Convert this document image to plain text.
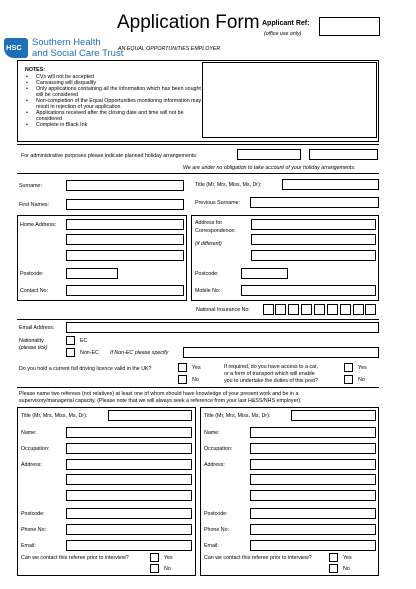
HSC Southern Health
and Social Care Trust
Application Form
AN EQUAL OPPORTUNITIES EMPLOYER
Applicant Ref:
(office use only)
NOTES:
• CVs will not be accepted
• Canvassing will disqualify
• Only applications containing all the information which has been sought will be considered
• Non-completion of the Equal Opportunities monitoring information may result in rejection of your application
• Applications received after the closing date and time will not be considered
• Complete in Black Ink
For administrative purposes please indicate planned holiday arrangements:
We are under no obligation to take account of your holiday arrangements.
Surname:	Title (Mr, Mrs, Miss, Ms, Dr):
First Names:	Previous Surname:
Home Address:
Postcode:
Contact No:
Address for
Correspondence:
(if different)
Postcode:
Mobile No:
National Insurance No:
Email Address:
Nationality
(please tick)
EC
Non-EC If Non-EC please specify
Do you hold a current full driving licence valid in the UK?	Yes
No
If required, do you have access to a car,
or a form of transport which will enable
you to undertake the duties of this post?
Yes
No
Please name two referees (not relatives) at least one of whom should have knowledge of your present work and be in a
supervisory/managerial capacity. (Please note that we will always seek a reference from your last H&SS/NHS employer).
Title (Mr, Mrs, Miss, Ms, Dr):
Name:
Occupation:
Address:
Postcode:
Phone No:
Email:
Can we contact this referee prior to interview?	Yes
No
Title (Mr, Mrs, Miss, Ms, Dr):
Name:
Occupation:
Address:
Postcode:
Phone No:
Email:
Can we contact this referee prior to interview?	Yes
No
